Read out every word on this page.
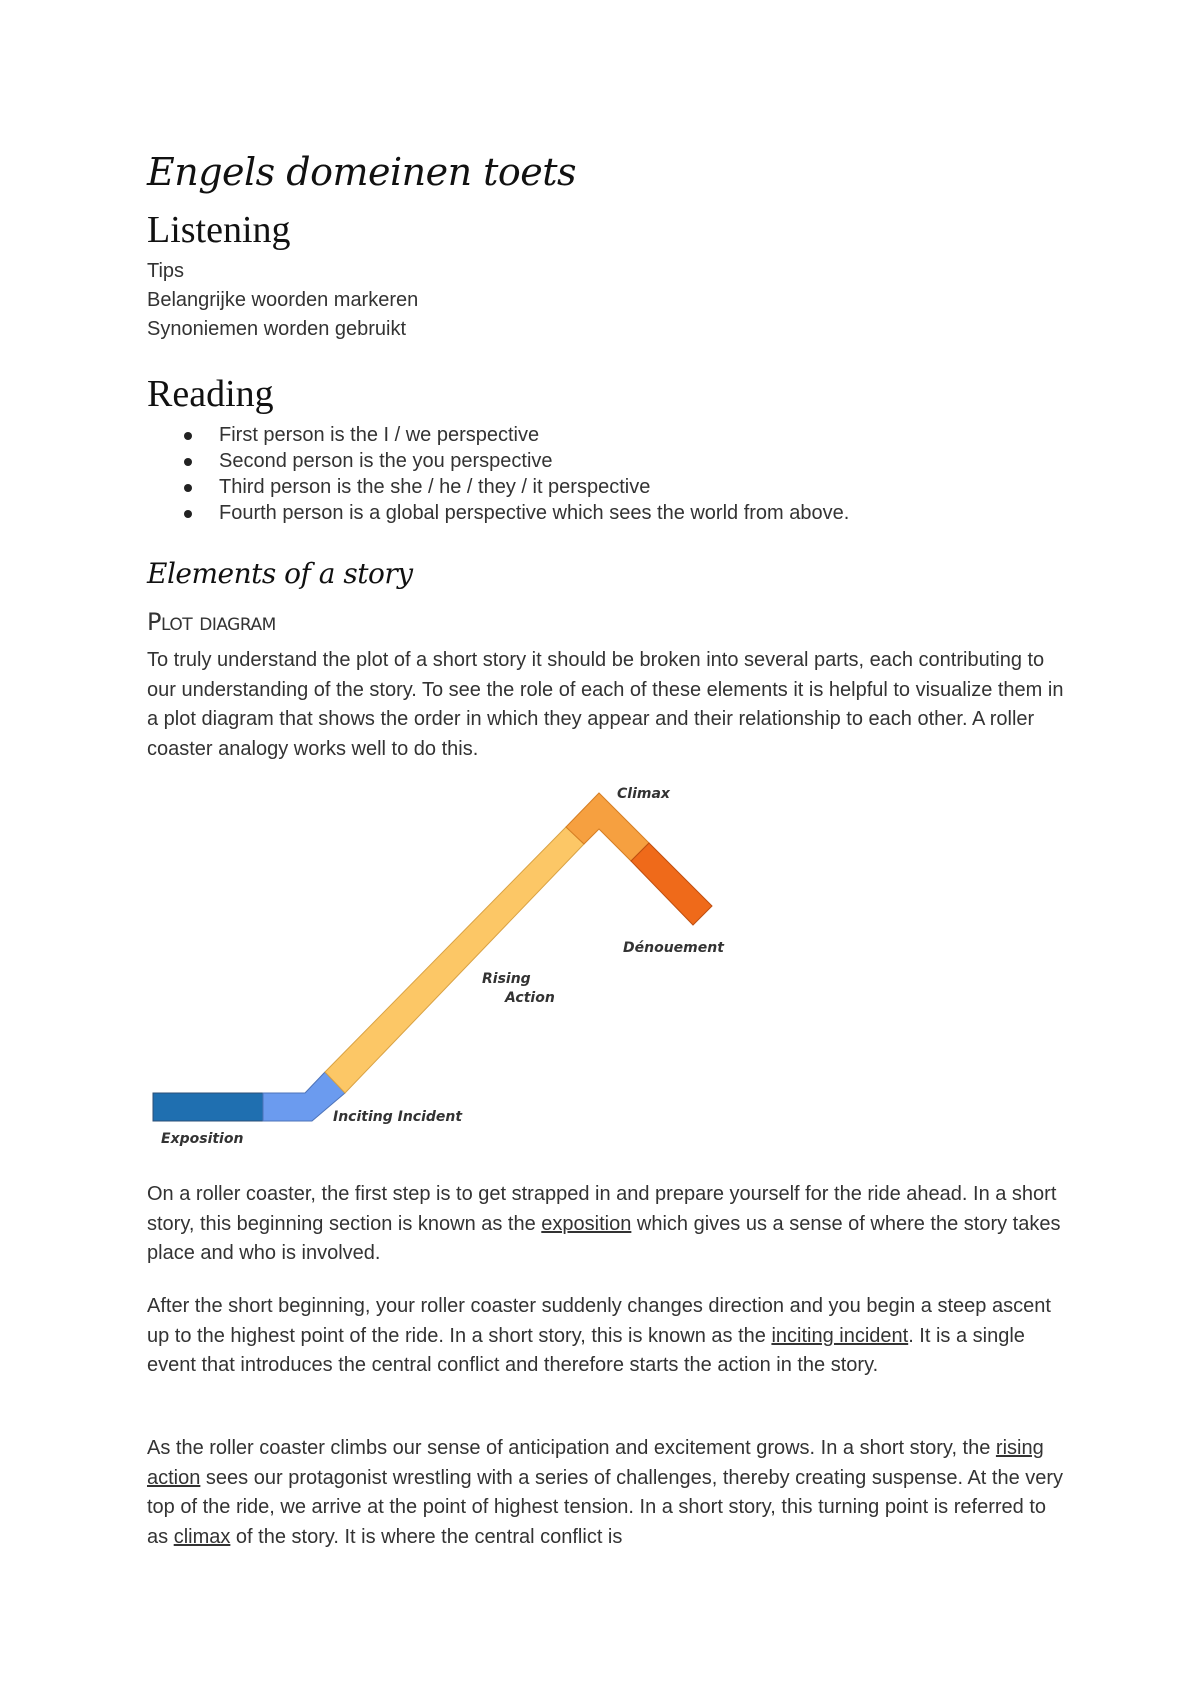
Engels domeinen toets
Listening

Tips

Belangrijke woorden markeren

Synoniemen worden gebruikt

Reading
First person is the I / we perspective
Second person is the you perspective
Third person is the she / he / they / it perspective
Fourth person is a global perspective which sees the world from above.
Elements of a story
Plot diagram

To truly understand the plot of a short story it should be broken into several parts, each contributing to our understanding of the story. To see the role of each of these elements it is helpful to visualize them in a plot diagram that shows the order in which they appear and their relationship to each other. A roller coaster analogy works well to do this.

Exposition
Inciting Incident
Rising
Action
Climax
Dénouement

On a roller coaster, the first step is to get strapped in and prepare yourself for the ride ahead. In a short story, this beginning section is known as the exposition which gives us a sense of where the story takes place and who is involved.

After the short beginning, your roller coaster suddenly changes direction and you begin a steep ascent up to the highest point of the ride. In a short story, this is known as the inciting incident. It is a single event that introduces the central conflict and therefore starts the action in the story.

As the roller coaster climbs our sense of anticipation and excitement grows. In a short story, the rising action sees our protagonist wrestling with a series of challenges, thereby creating suspense. At the very top of the ride, we arrive at the point of highest tension. In a short story, this turning point is referred to as climax of the story. It is where the central conflict is
